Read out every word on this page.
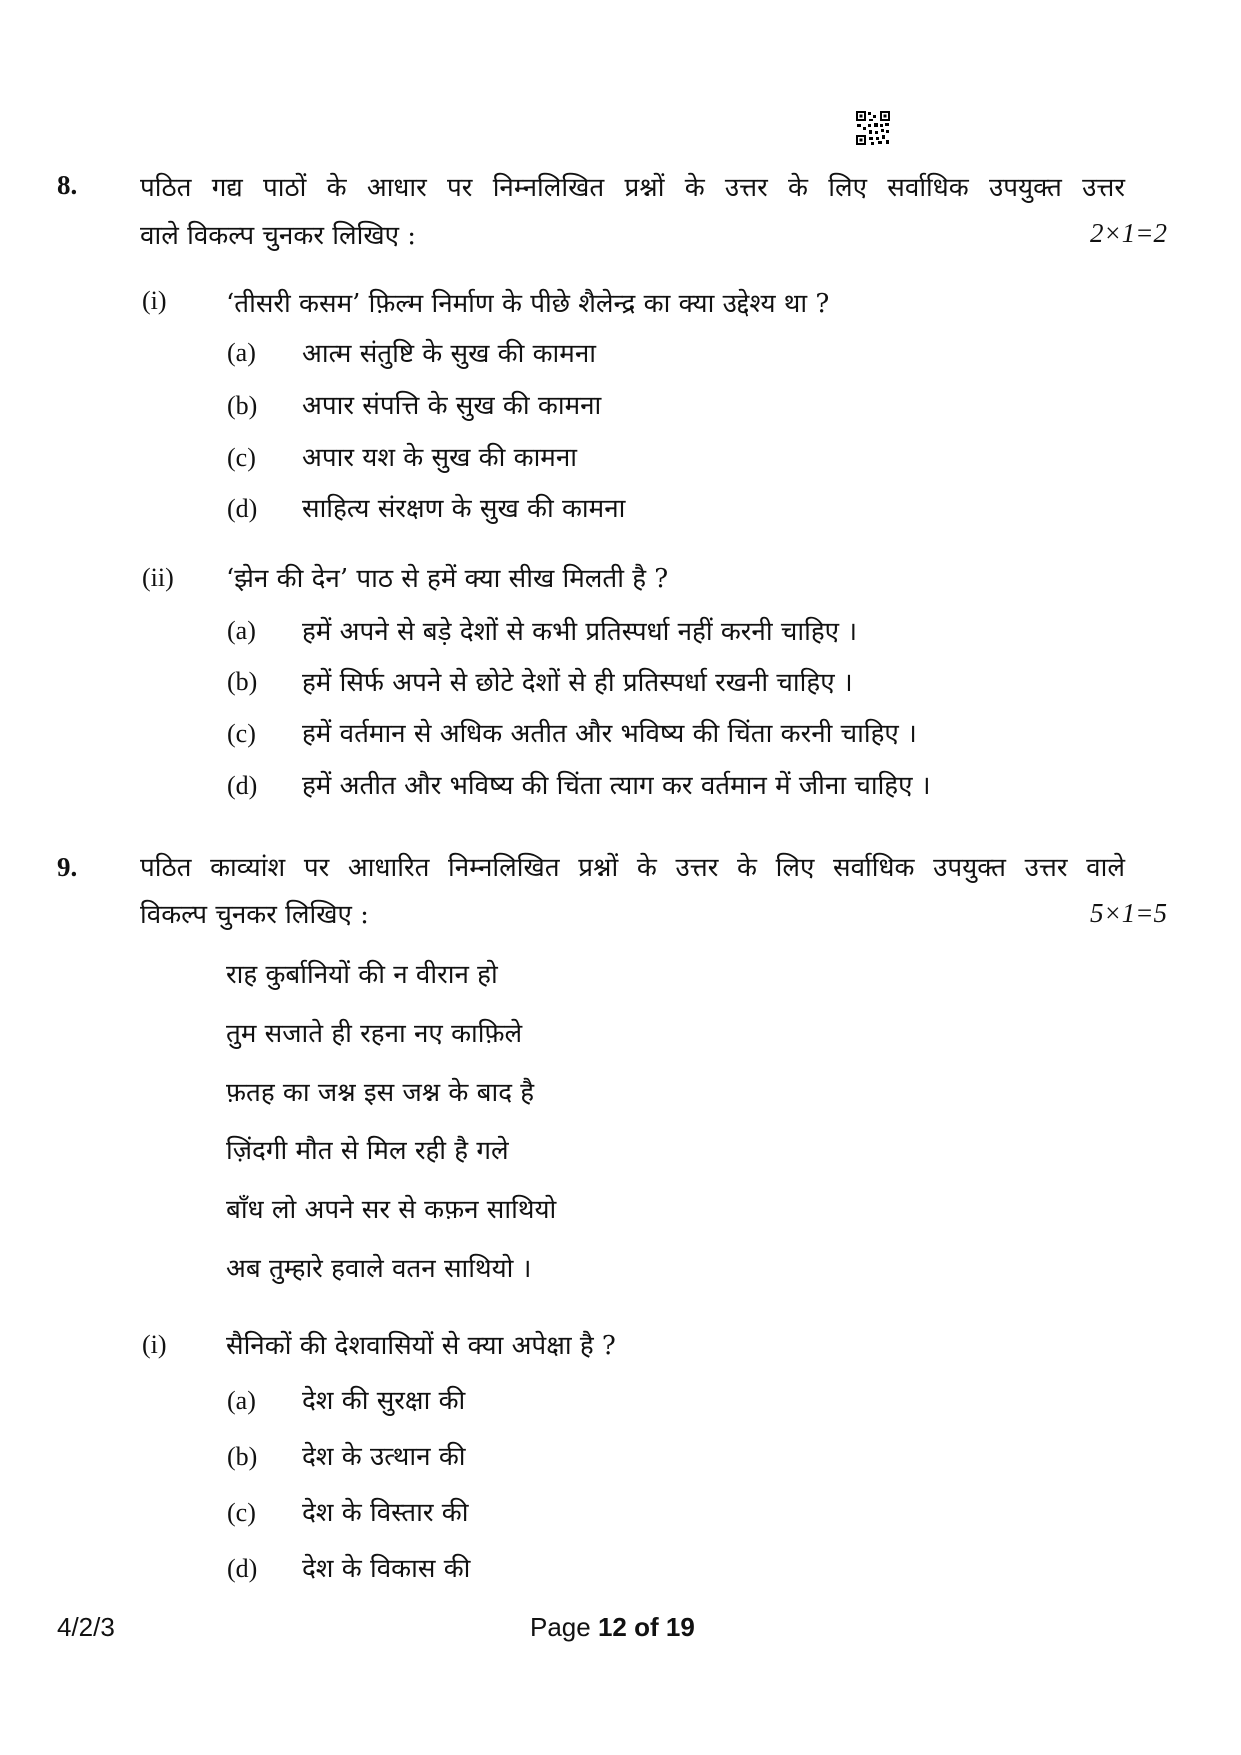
8. पठित गद्य पाठों के आधार पर निम्नलिखित प्रश्नों के उत्तर के लिए सर्वाधिक उपयुक्त उत्तर
वाले विकल्प चुनकर लिखिए :	2×1=2
(i) ‘तीसरी कसम’ फ़िल्म निर्माण के पीछे शैलेन्द्र का क्या उद्देश्य था ?
(a) आत्म संतुष्टि के सुख की कामना
(b) अपार संपत्ति के सुख की कामना
(c) अपार यश के सुख की कामना
(d) साहित्य संरक्षण के सुख की कामना
(ii) ‘झेन की देन’ पाठ से हमें क्या सीख मिलती है ?
(a) हमें अपने से बड़े देशों से कभी प्रतिस्पर्धा नहीं करनी चाहिए ।
(b) हमें सिर्फ अपने से छोटे देशों से ही प्रतिस्पर्धा रखनी चाहिए ।
(c) हमें वर्तमान से अधिक अतीत और भविष्य की चिंता करनी चाहिए ।
(d) हमें अतीत और भविष्य की चिंता त्याग कर वर्तमान में जीना चाहिए ।
9. पठित काव्यांश पर आधारित निम्नलिखित प्रश्नों के उत्तर के लिए सर्वाधिक उपयुक्त उत्तर वाले
विकल्प चुनकर लिखिए :	5×1=5
राह कुर्बानियों की न वीरान हो
तुम सजाते ही रहना नए काफ़िले
फ़तह का जश्न इस जश्न के बाद है
ज़िंदगी मौत से मिल रही है गले
बाँध लो अपने सर से कफ़न साथियो
अब तुम्हारे हवाले वतन साथियो ।
(i) सैनिकों की देशवासियों से क्या अपेक्षा है ?
(a) देश की सुरक्षा की
(b) देश के उत्थान की
(c) देश के विस्तार की
(d) देश के विकास की
4/2/3	Page 12 of 19
